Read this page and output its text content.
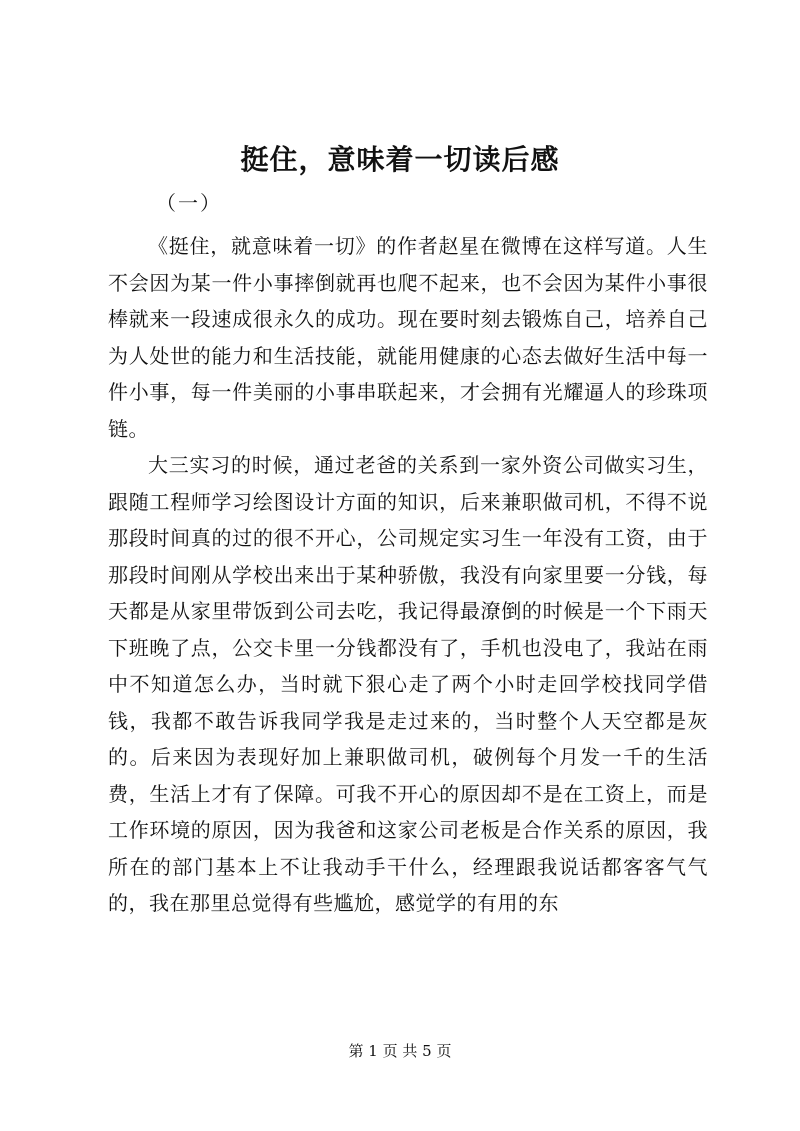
挺住，意味着一切读后感
（一）

《挺住，就意味着一切》的作者赵星在微博在这样写道。人生不会因为某一件小事摔倒就再也爬不起来，也不会因为某件小事很棒就来一段速成很永久的成功。现在要时刻去锻炼自己，培养自己为人处世的能力和生活技能，就能用健康的心态去做好生活中每一件小事，每一件美丽的小事串联起来，才会拥有光耀逼人的珍珠项链。

大三实习的时候，通过老爸的关系到一家外资公司做实习生，跟随工程师学习绘图设计方面的知识，后来兼职做司机，不得不说那段时间真的过的很不开心，公司规定实习生一年没有工资，由于那段时间刚从学校出来出于某种骄傲，我没有向家里要一分钱，每天都是从家里带饭到公司去吃，我记得最潦倒的时候是一个下雨天下班晚了点，公交卡里一分钱都没有了，手机也没电了，我站在雨中不知道怎么办，当时就下狠心走了两个小时走回学校找同学借钱，我都不敢告诉我同学我是走过来的，当时整个人天空都是灰的。后来因为表现好加上兼职做司机，破例每个月发一千的生活费，生活上才有了保障。可我不开心的原因却不是在工资上，而是工作环境的原因，因为我爸和这家公司老板是合作关系的原因，我所在的部门基本上不让我动手干什么，经理跟我说话都客客气气的，我在那里总觉得有些尴尬，感觉学的有用的东

第 1 页 共 5 页
